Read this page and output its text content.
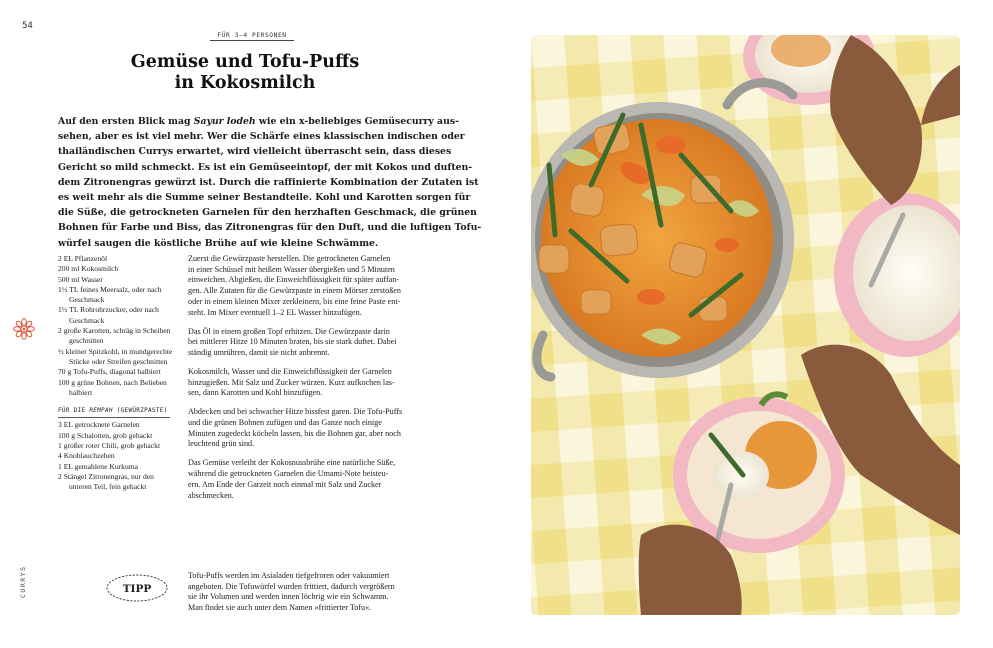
54
CURRYS
FÜR 3–4 PERSONEN
Gemüse und Tofu-Puffs
in Kokosmilch
Auf den ersten Blick mag Sayur lodeh wie ein x-beliebiges Gemüsecurry aus-
sehen, aber es ist viel mehr. Wer die Schärfe eines klassischen indischen oder
thailändischen Currys erwartet, wird vielleicht überrascht sein, dass dieses
Gericht so mild schmeckt. Es ist ein Gemüseeintopf, der mit Kokos und duften-
dem Zitronengras gewürzt ist. Durch die raffinierte Kombination der Zutaten ist
es weit mehr als die Summe seiner Bestandteile. Kohl und Karotten sorgen für
die Süße, die getrockneten Garnelen für den herzhaften Geschmack, die grünen
Bohnen für Farbe und Biss, das Zitronengras für den Duft, und die luftigen Tofu-
würfel saugen die köstliche Brühe auf wie kleine Schwämme.
2 EL Pflanzenöl
200 ml Kokosmilch
500 ml Wasser
1½ TL feines Meersalz, oder nach Geschmack
1½ TL Rohrohrzucker, oder nach Geschmack
2 große Karotten, schräg in Scheiben geschnitten
½ kleiner Spitzkohl, in mundgerechte Stücke oder Streifen geschnitten
70 g Tofu-Puffs, diagonal halbiert
100 g grüne Bohnen, nach Belieben halbiert
FÜR DIE REMPAH (GEWÜRZPASTE)
3 EL getrocknete Garnelen
100 g Schalotten, grob gehackt
1 großer roter Chili, grob gehackt
4 Knoblauchzehen
1 EL gemahlene Kurkuma
2 Stängel Zitronengras, nur den unteren Teil, fein gehackt

Zuerst die Gewürzpaste herstellen. Die getrockneten Garnelen
in einer Schüssel mit heißem Wasser übergießen und 5 Minuten
einweichen. Abgießen, die Einweichflüssigkeit für später auffan-
gen. Alle Zutaten für die Gewürzpaste in einem Mörser zerstoßen
oder in einem kleinen Mixer zerkleinern, bis eine feine Paste ent-
steht. Im Mixer eventuell 1–2 EL Wasser hinzufügen.

Das Öl in einem großen Topf erhitzen. Die Gewürzpaste darin
bei mittlerer Hitze 10 Minuten braten, bis sie stark duftet. Dabei
ständig umrühren, damit sie nicht anbrennt.

Kokosmilch, Wasser und die Einweichflüssigkeit der Garnelen
hinzugießen. Mit Salz und Zucker würzen. Kurz aufkochen las-
sen, dann Karotten und Kohl hinzufügen.

Abdecken und bei schwacher Hitze bissfest garen. Die Tofu-Puffs
und die grünen Bohnen zufügen und das Ganze noch einige
Minuten zugedeckt köcheln lassen, bis die Bohnen gar, aber noch
leuchtend grün sind.

Das Gemüse verleiht der Kokosnussbrühe eine natürliche Süße,
während die getrockneten Garnelen die Umami-Note beisteu-
ern. Am Ende der Garzeit noch einmal mit Salz und Zucker
abschmecken.

TIPP
Tofu-Puffs werden im Asialaden tiefgefroren oder vakuumiert
angeboten. Die Tofuwürfel wurden frittiert, dadurch vergrößern
sie ihr Volumen und werden innen löchrig wie ein Schwamm.
Man findet sie auch unter dem Namen »frittierter Tofu«.
